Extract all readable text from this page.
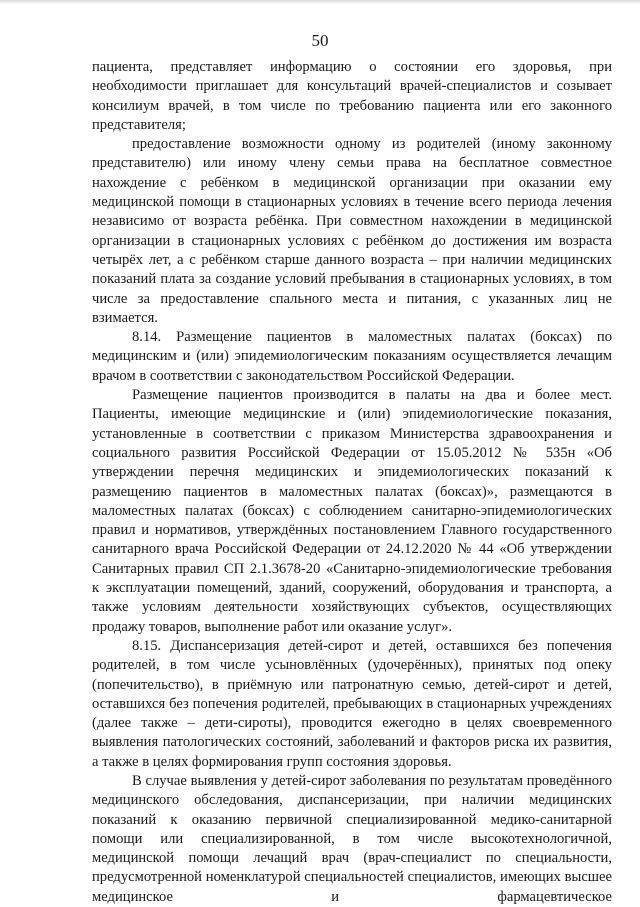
50

пациента, представляет информацию о состоянии его здоровья, при необходимости приглашает для консультаций врачей-специалистов и созывает консилиум врачей, в том числе по требованию пациента или его законного представителя;

предоставление возможности одному из родителей (иному законному представителю) или иному члену семьи права на бесплатное совместное нахождение с ребёнком в медицинской организации при оказании ему медицинской помощи в стационарных условиях в течение всего периода лечения независимо от возраста ребёнка. При совместном нахождении в медицинской организации в стационарных условиях с ребёнком до достижения им возраста четырёх лет, а с ребёнком старше данного возраста – при наличии медицинских показаний плата за создание условий пребывания в стационарных условиях, в том числе за предоставление спального места и питания, с указанных лиц не взимается.

8.14. Размещение пациентов в маломестных палатах (боксах) по медицинским и (или) эпидемиологическим показаниям осуществляется лечащим врачом в соответствии с законодательством Российской Федерации.

Размещение пациентов производится в палаты на два и более мест. Пациенты, имеющие медицинские и (или) эпидемиологические показания, установленные в соответствии с приказом Министерства здравоохранения и социального развития Российской Федерации от 15.05.2012 № 535н «Об утверждении перечня медицинских и эпидемиологических показаний к размещению пациентов в маломестных палатах (боксах)», размещаются в маломестных палатах (боксах) с соблюдением санитарно-эпидемиологических правил и нормативов, утверждённых постановлением Главного государственного санитарного врача Российской Федерации от 24.12.2020 № 44 «Об утверждении Санитарных правил СП 2.1.3678-20 «Санитарно-эпидемиологические требования к эксплуатации помещений, зданий, сооружений, оборудования и транспорта, а также условиям деятельности хозяйствующих субъектов, осуществляющих продажу товаров, выполнение работ или оказание услуг».

8.15. Диспансеризация детей-сирот и детей, оставшихся без попечения родителей, в том числе усыновлённых (удочерённых), принятых под опеку (попечительство), в приёмную или патронатную семью, детей-сирот и детей, оставшихся без попечения родителей, пребывающих в стационарных учреждениях (далее также – дети-сироты), проводится ежегодно в целях своевременного выявления патологических состояний, заболеваний и факторов риска их развития, а также в целях формирования групп состояния здоровья.

В случае выявления у детей-сирот заболевания по результатам проведённого медицинского обследования, диспансеризации, при наличии медицинских показаний к оказанию первичной специализированной медико-санитарной помощи или специализированной, в том числе высокотехнологичной, медицинской помощи лечащий врач (врач-специалист по специальности, предусмотренной номенклатурой специальностей специалистов, имеющих высшее медицинское и фармацевтическое
